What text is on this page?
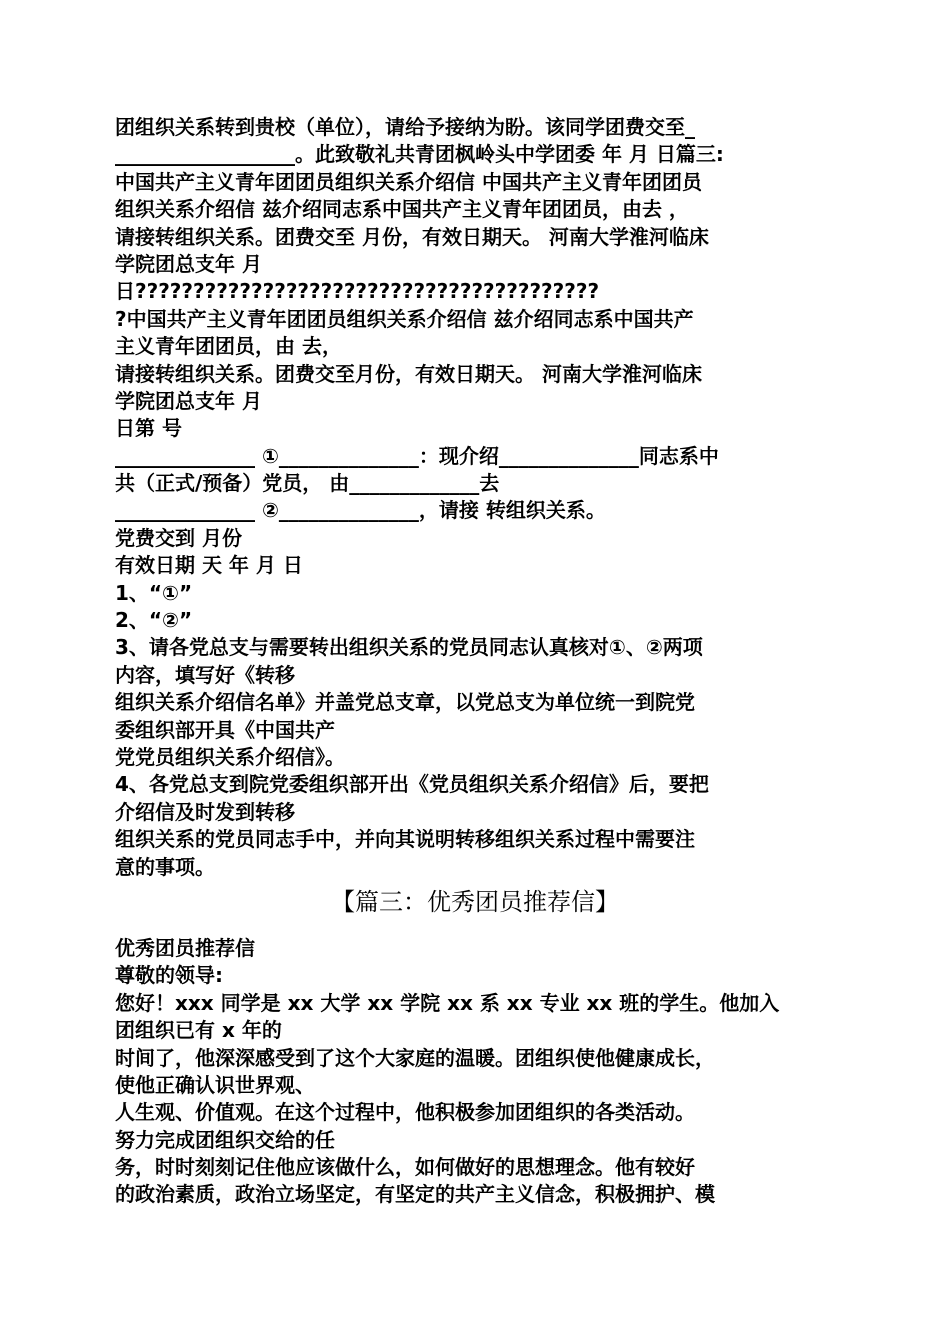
团组织关系转到贵校（单位），请给予接纳为盼。该同学团费交至_
__________________。此致敬礼共青团枫岭头中学团委 年 月 日篇三:
中国共产主义青年团团员组织关系介绍信 中国共产主义青年团团员
组织关系介绍信 兹介绍同志系中国共产主义青年团团员，由去 ，
请接转组织关系。团费交至 月份，有效日期天。 河南大学淮河临床
学院团总支年 月
日????????????????????????????????????????
?中国共产主义青年团团员组织关系介绍信 兹介绍同志系中国共产
主义青年团团员，由 去，
请接转组织关系。团费交至月份，有效日期天。 河南大学淮河临床
学院团总支年 月
日第 号
______________ ①______________：现介绍______________同志系中
共（正式/预备）党员， 由_____________去
______________ ②______________，请接 转组织关系。
党费交到 月份
有效日期 天 年 月 日
1、“①”
2、“②”
3、请各党总支与需要转出组织关系的党员同志认真核对①、②两项
内容，填写好《转移
组织关系介绍信名单》并盖党总支章，以党总支为单位统一到院党
委组织部开具《中国共产
党党员组织关系介绍信》。
4、各党总支到院党委组织部开出《党员组织关系介绍信》后，要把
介绍信及时发到转移
组织关系的党员同志手中，并向其说明转移组织关系过程中需要注
意的事项。
【篇三：优秀团员推荐信】
优秀团员推荐信
尊敬的领导:
您好！xxx 同学是 xx 大学 xx 学院 xx 系 xx 专业 xx 班的学生。他加入
团组织已有 x 年的
时间了，他深深感受到了这个大家庭的温暖。团组织使他健康成长，
使他正确认识世界观、
人生观、价值观。在这个过程中，他积极参加团组织的各类活动。
努力完成团组织交给的任
务，时时刻刻记住他应该做什么，如何做好的思想理念。他有较好
的政治素质，政治立场坚定，有坚定的共产主义信念，积极拥护、模
